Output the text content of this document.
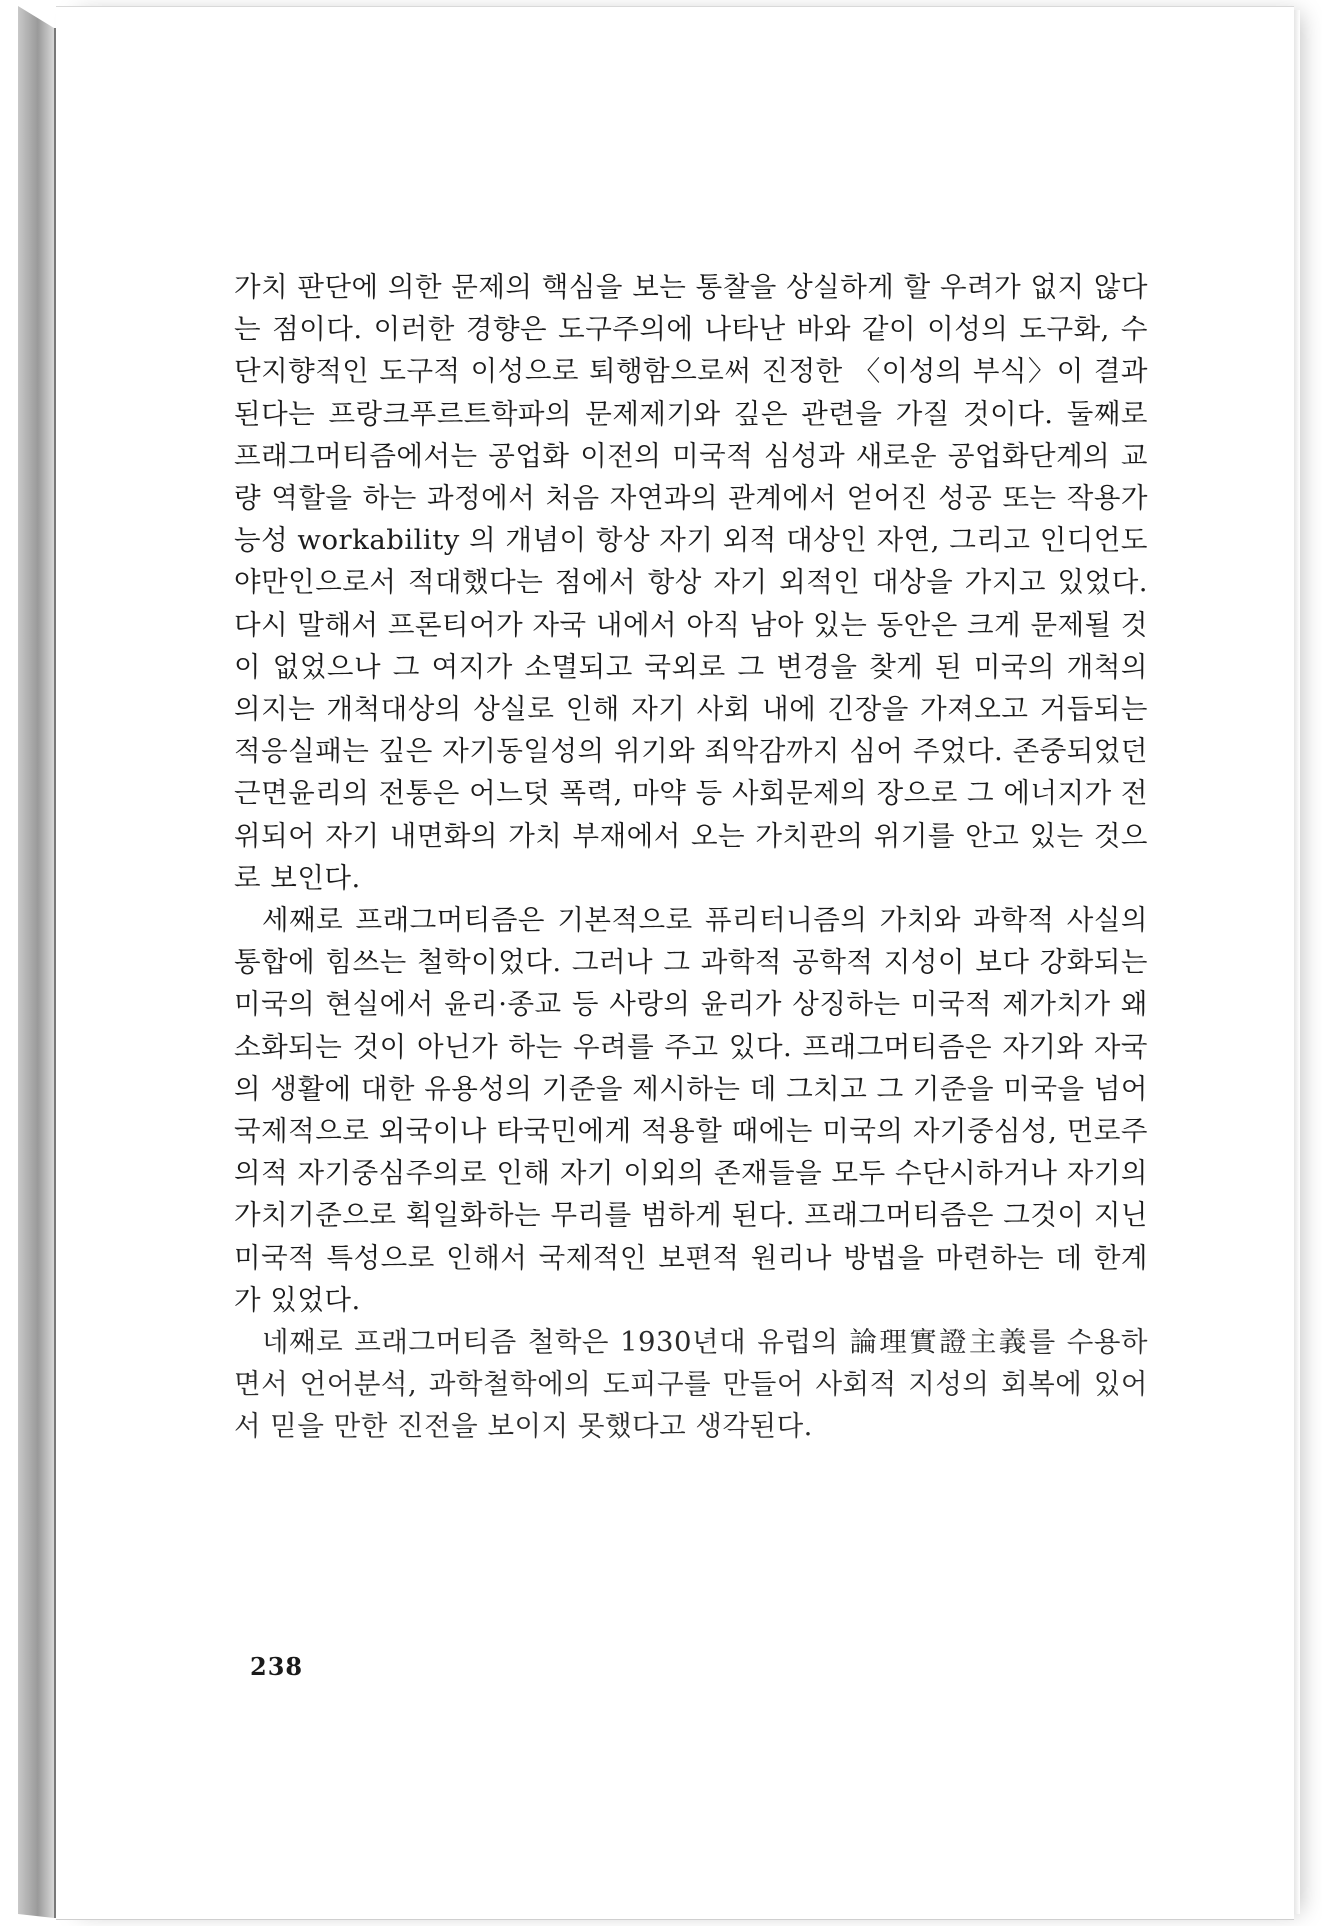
가치 판단에 의한 문제의 핵심을 보는 통찰을 상실하게 할 우려가 없지 않다는 점이다. 이러한 경향은 도구주의에 나타난 바와 같이 이성의 도구화, 수단지향적인 도구적 이성으로 퇴행함으로써 진정한 〈이성의 부식〉이 결과된다는 프랑크푸르트학파의 문제제기와 깊은 관련을 가질 것이다. 둘째로 프래그머티즘에서는 공업화 이전의 미국적 심성과 새로운 공업화단계의 교량 역할을 하는 과정에서 처음 자연과의 관계에서 얻어진 성공 또는 작용가능성 workability 의 개념이 항상 자기 외적 대상인 자연, 그리고 인디언도 야만인으로서 적대했다는 점에서 항상 자기 외적인 대상을 가지고 있었다. 다시 말해서 프론티어가 자국 내에서 아직 남아 있는 동안은 크게 문제될 것이 없었으나 그 여지가 소멸되고 국외로 그 변경을 찾게 된 미국의 개척의 의지는 개척대상의 상실로 인해 자기 사회 내에 긴장을 가져오고 거듭되는 적응실패는 깊은 자기동일성의 위기와 죄악감까지 심어 주었다. 존중되었던 근면윤리의 전통은 어느덧 폭력, 마약 등 사회문제의 장으로 그 에너지가 전위되어 자기 내면화의 가치 부재에서 오는 가치관의 위기를 안고 있는 것으로 보인다.

세째로 프래그머티즘은 기본적으로 퓨리터니즘의 가치와 과학적 사실의 통합에 힘쓰는 철학이었다. 그러나 그 과학적 공학적 지성이 보다 강화되는 미국의 현실에서 윤리·종교 등 사랑의 윤리가 상징하는 미국적 제가치가 왜소화되는 것이 아닌가 하는 우려를 주고 있다. 프래그머티즘은 자기와 자국의 생활에 대한 유용성의 기준을 제시하는 데 그치고 그 기준을 미국을 넘어 국제적으로 외국이나 타국민에게 적용할 때에는 미국의 자기중심성, 먼로주의적 자기중심주의로 인해 자기 이외의 존재들을 모두 수단시하거나 자기의 가치기준으로 획일화하는 무리를 범하게 된다. 프래그머티즘은 그것이 지닌 미국적 특성으로 인해서 국제적인 보편적 원리나 방법을 마련하는 데 한계가 있었다.

네째로 프래그머티즘 철학은 1930년대 유럽의 論理實證主義를 수용하면서 언어분석, 과학철학에의 도피구를 만들어 사회적 지성의 회복에 있어서 믿을 만한 진전을 보이지 못했다고 생각된다.

238
